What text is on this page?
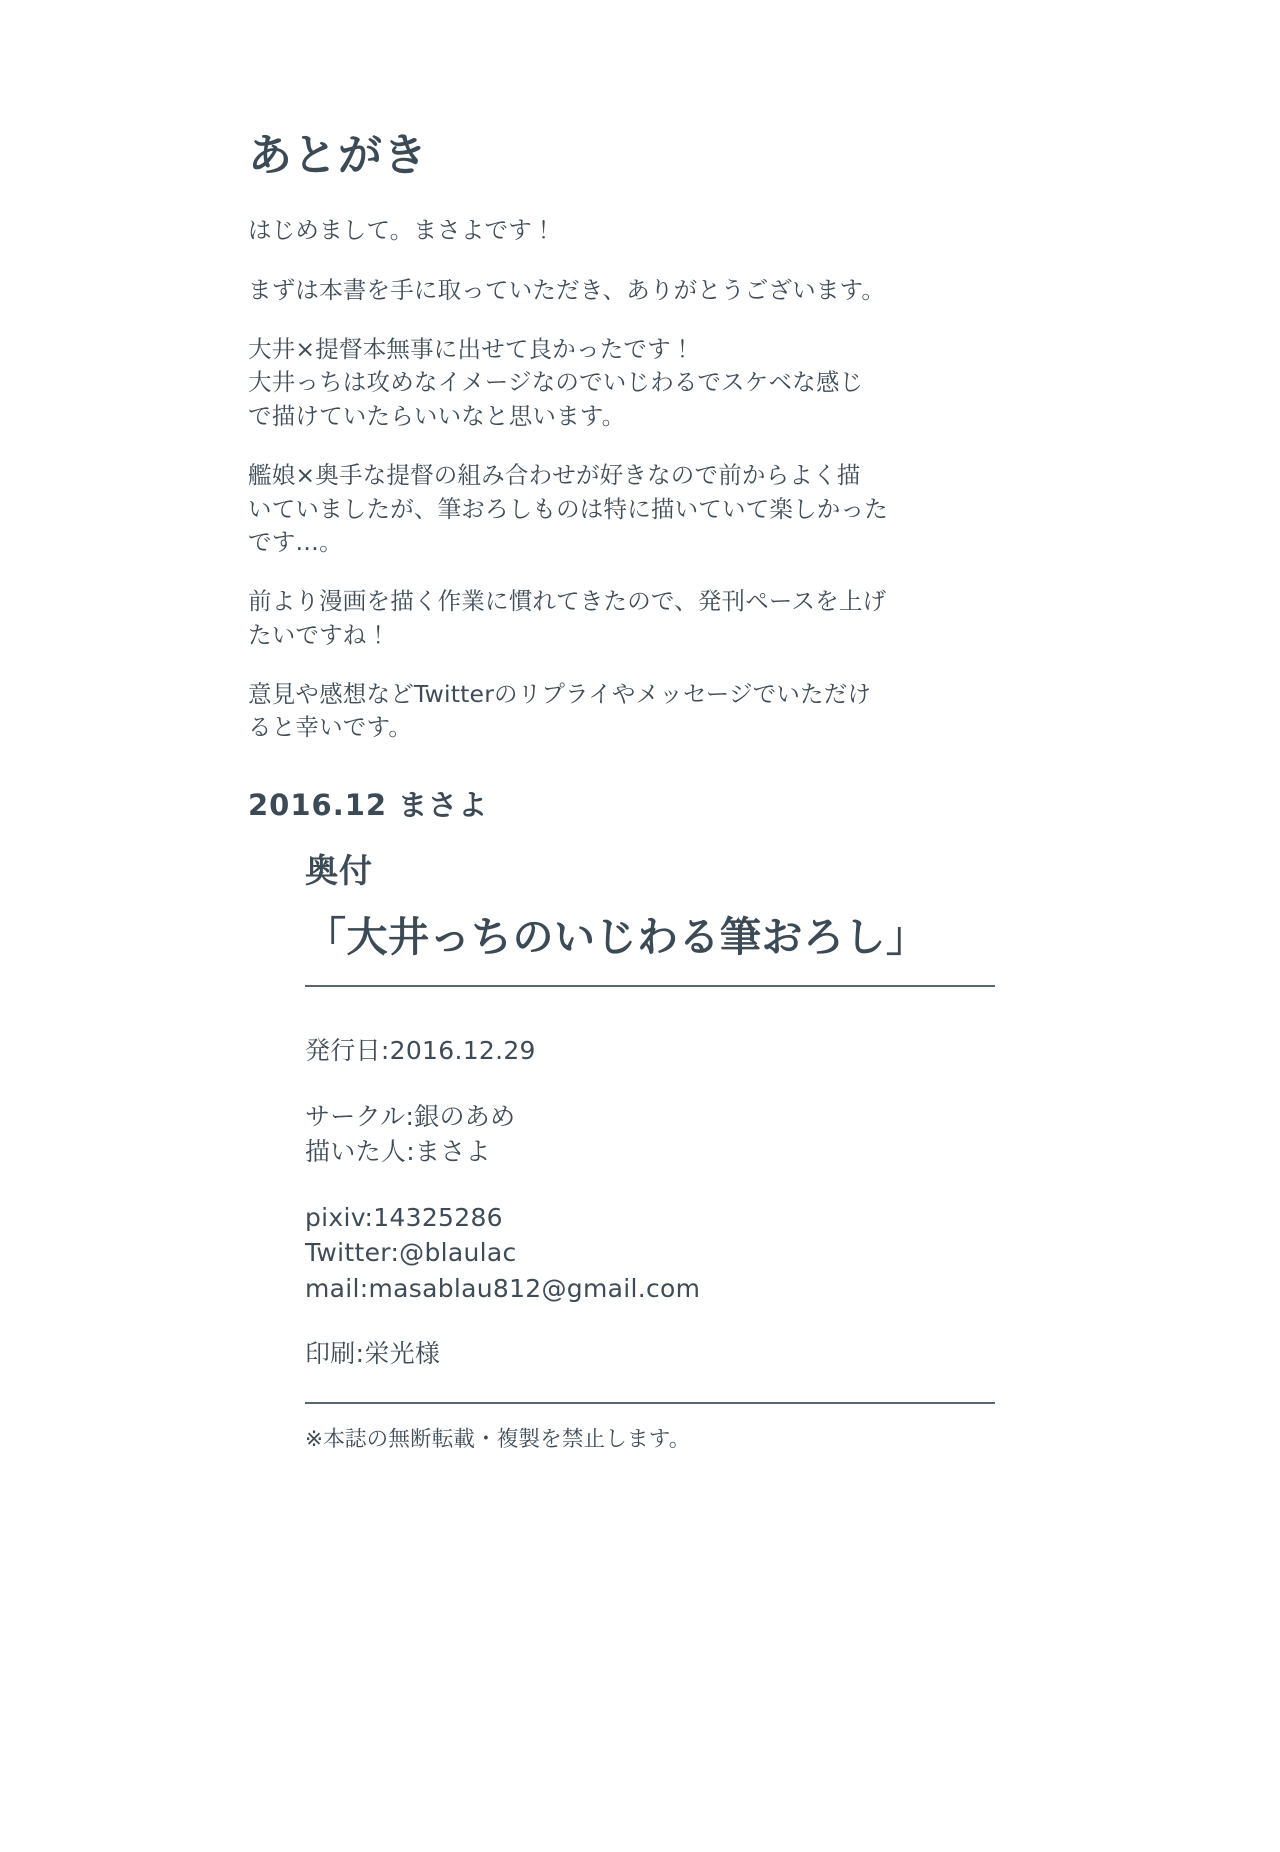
あとがき

はじめまして。まさよです！

まずは本書を手に取っていただき、ありがとうございます。

大井×提督本無事に出せて良かったです！
大井っちは攻めなイメージなのでいじわるでスケベな感じ
で描けていたらいいなと思います。

艦娘×奥手な提督の組み合わせが好きなので前からよく描
いていましたが、筆おろしものは特に描いていて楽しかった
です…。

前より漫画を描く作業に慣れてきたので、発刊ペースを上げ
たいですね！

意見や感想などTwitterのリプライやメッセージでいただけ
ると幸いです。

2016.12 まさよ
奥付
「大井っちのいじわる筆おろし」
発行日:2016.12.29
サークル:銀のあめ
描いた人:まさよ
pixiv:14325286
Twitter:@blaulac
mail:masablau812@gmail.com
印刷:栄光様
※本誌の無断転載・複製を禁止します。
